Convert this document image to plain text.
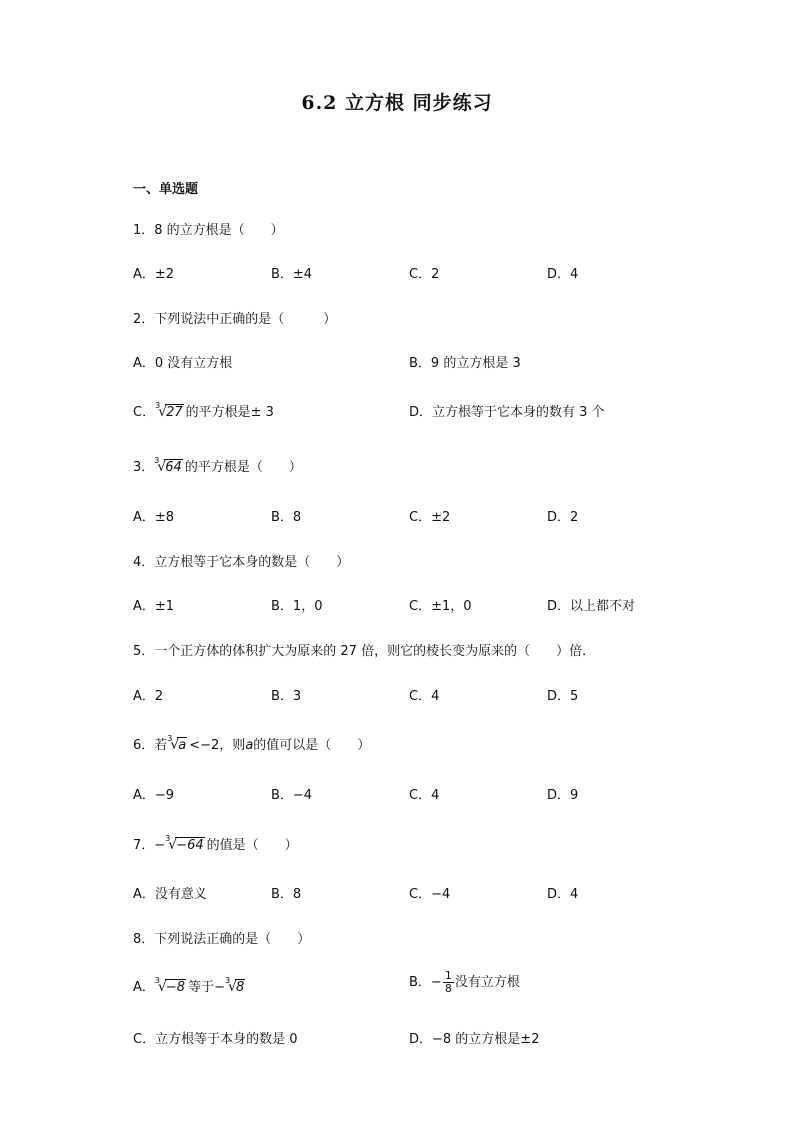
6.2 立方根 同步练习
一、单选题
1．8 的立方根是（　　）
A．±2	B．±4	C．2	D．4
2．下列说法中正确的是（　　　）
A．0 没有立方根	B．9 的立方根是 3
C． 3
√ 27 的平方根是± 3	D．立方根等于它本身的数有 3 个
3． 3
√ 64 的平方根是（　　）
A．±8	B．8	C．±2	D．2
4．立方根等于它本身的数是（　　）
A．±1	B．1，0	C．±1，0	D．以上都不对
5．一个正方体的体积扩大为原来的 27 倍，则它的棱长变为原来的（　　）倍．
A．2	B．3	C．4	D．5
6．若 3
√ a <−2，则a的值可以是（　　）
A．−9	B．−4	C．4	D．9
7．− 3
√ −64 的值是（　　）
A．没有意义	B．8	C．−4	D．4
8．下列说法正确的是（　　）
A． 3
√ −8 等于− 3
√ 8	B．− $\frac{1}{8}$ 没有立方根
C．立方根等于本身的数是 0	D．−8 的立方根是±2
